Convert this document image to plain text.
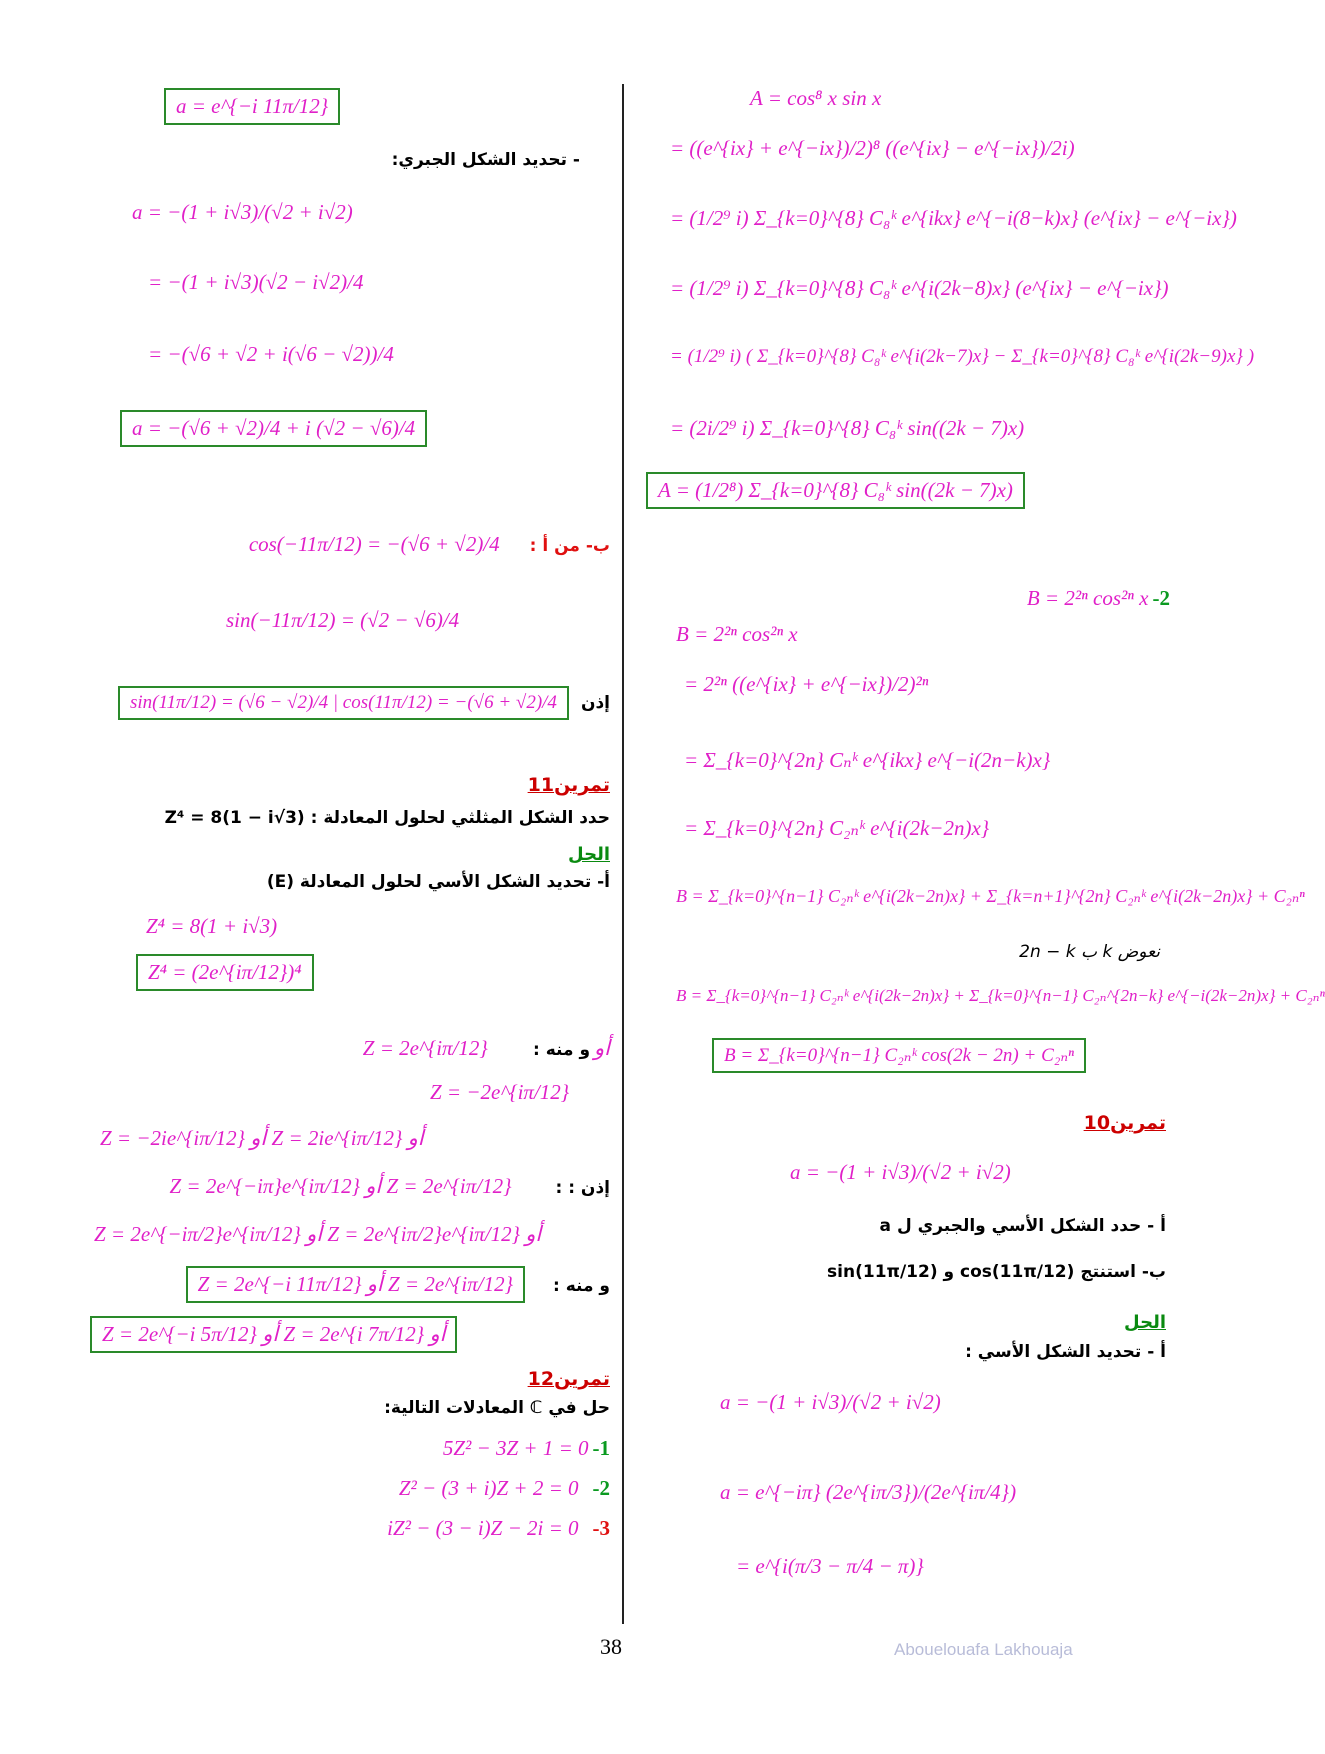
A = cos⁸ x sin x
= ((e^{ix} + e^{−ix})/2)⁸ ((e^{ix} − e^{−ix})/2i)
= (1/2⁹ i) Σ_{k=0}^{8} C₈ᵏ e^{ikx} e^{−i(8−k)x} (e^{ix} − e^{−ix})
= (1/2⁹ i) Σ_{k=0}^{8} C₈ᵏ e^{i(2k−8)x} (e^{ix} − e^{−ix})
= (1/2⁹ i) ( Σ_{k=0}^{8} C₈ᵏ e^{i(2k−7)x} − Σ_{k=0}^{8} C₈ᵏ e^{i(2k−9)x} )
= (2i/2⁹ i) Σ_{k=0}^{8} C₈ᵏ sin((2k − 7)x)
A = (1/2⁸) Σ_{k=0}^{8} C₈ᵏ sin((2k − 7)x)
B = 2²ⁿ cos²ⁿ x -2
B = 2²ⁿ cos²ⁿ x
= 2²ⁿ ((e^{ix} + e^{−ix})/2)²ⁿ
= Σ_{k=0}^{2n} Cₙᵏ e^{ikx} e^{−i(2n−k)x}
= Σ_{k=0}^{2n} C₂ₙᵏ e^{i(2k−2n)x}
B = Σ_{k=0}^{n−1} C₂ₙᵏ e^{i(2k−2n)x} + Σ_{k=n+1}^{2n} C₂ₙᵏ e^{i(2k−2n)x} + C₂ₙⁿ
نعوض k ب 2n − k
B = Σ_{k=0}^{n−1} C₂ₙᵏ e^{i(2k−2n)x} + Σ_{k=0}^{n−1} C₂ₙ^{2n−k} e^{−i(2k−2n)x} + C₂ₙⁿ
B = Σ_{k=0}^{n−1} C₂ₙᵏ cos(2k − 2n) + C₂ₙⁿ
تمرين10
a = −(1 + i√3)/(√2 + i√2)
أ - حدد الشكل الأسي والجبري ل a
ب- استنتج cos(11π/12) و sin(11π/12)
الحل
أ - تحديد الشكل الأسي :
a = −(1 + i√3)/(√2 + i√2)
a = e^{−iπ} (2e^{iπ/3})/(2e^{iπ/4})
= e^{i(π/3 − π/4 − π)}
a = e^{−i 11π/12}
- تحديد الشكل الجبري:
a = −(1 + i√3)/(√2 + i√2)
= −(1 + i√3)(√2 − i√2)/4
= −(√6 + √2 + i(√6 − √2))/4
a = −(√6 + √2)/4 + i (√2 − √6)/4
cos(−11π/12) = −(√6 + √2)/4 ب- من أ :
sin(−11π/12) = (√2 − √6)/4
sin(11π/12) = (√6 − √2)/4 | cos(11π/12) = −(√6 + √2)/4 إذن
تمرين11
حدد الشكل المثلثي لحلول المعادلة : Z⁴ = 8(1 − i√3)
الحل
أ- تحديد الشكل الأسي لحلول المعادلة (E)
Z⁴ = 8(1 + i√3)
Z⁴ = (2e^{iπ/12})⁴
Z = 2e^{iπ/12} أو و منه :
Z = −2e^{iπ/12}
Z = −2ie^{iπ/12} أو Z = 2ie^{iπ/12} أو
Z = 2e^{−iπ}e^{iπ/12} أو Z = 2e^{iπ/12}	إذن : :
Z = 2e^{−iπ/2}e^{iπ/12} أو Z = 2e^{iπ/2}e^{iπ/12} أو
Z = 2e^{−i 11π/12} أو Z = 2e^{iπ/12} و منه :
Z = 2e^{−i 5π/12} أو Z = 2e^{i 7π/12} أو
تمرين12
حل في ℂ المعادلات التالية:
5Z² − 3Z + 1 = 0 -1
Z² − (3 + i)Z + 2 = 0 -2
iZ² − (3 − i)Z − 2i = 0 -3
38	Abouelouafa Lakhouaja
